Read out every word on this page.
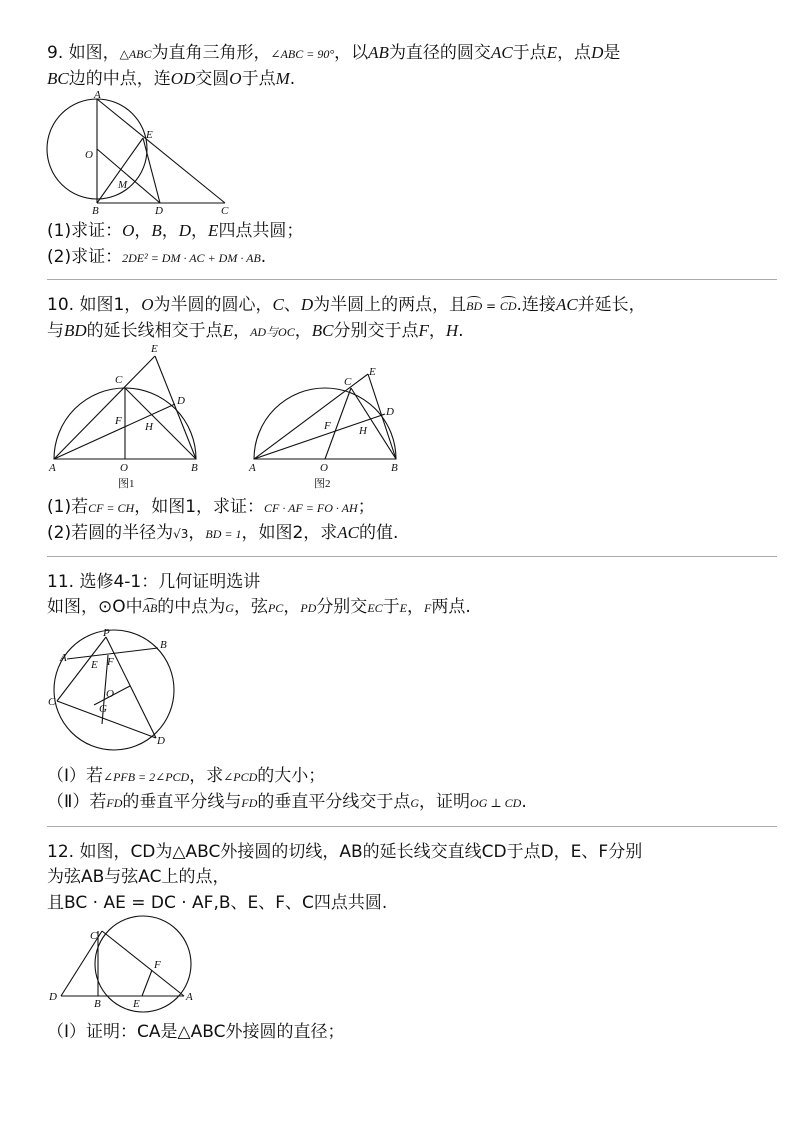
9. 如图，△ABC为直角三角形，∠ABC = 90°，以AB为直径的圆交AC于点E，点D是
BC边的中点，连OD交圆O于点M.
A
E
O
M
B	D	C
(1)求证：O，B，D，E四点共圆；
(2)求证：2DE² = DM · AC + DM · AB.
10. 如图1，O为半圆的圆心，C、D为半圆上的两点，且BD = CD.连接AC并延长，
与BD的延长线相交于点E，AD与OC，BC分别交于点F，H.
E
C
D
F H
A	O	B
图1
E
C
D
F	H
A	O	B
图2
(1)若CF = CH，如图1，求证：CF · AF = FO · AH；
(2)若圆的半径为√3，BD = 1，如图2，求AC的值.
11. 选修4-1：几何证明选讲
如图，⊙O中AB的中点为G，弦PC，PD分别交EC于E，F两点.
P
A
B
E F
O
G
C
D
（Ⅰ）若∠PFB = 2∠PCD，求∠PCD的大小；
（Ⅱ）若FD的垂直平分线与FD的垂直平分线交于点G，证明OG ⊥ CD.
12. 如图，CD为△ABC外接圆的切线，AB的延长线交直线CD于点D，E、F分别
为弦AB与弦AC上的点，
且BC · AE = DC · AF,B、E、F、C四点共圆.
C
F
D
B	E
A
（Ⅰ）证明：CA是△ABC外接圆的直径；
